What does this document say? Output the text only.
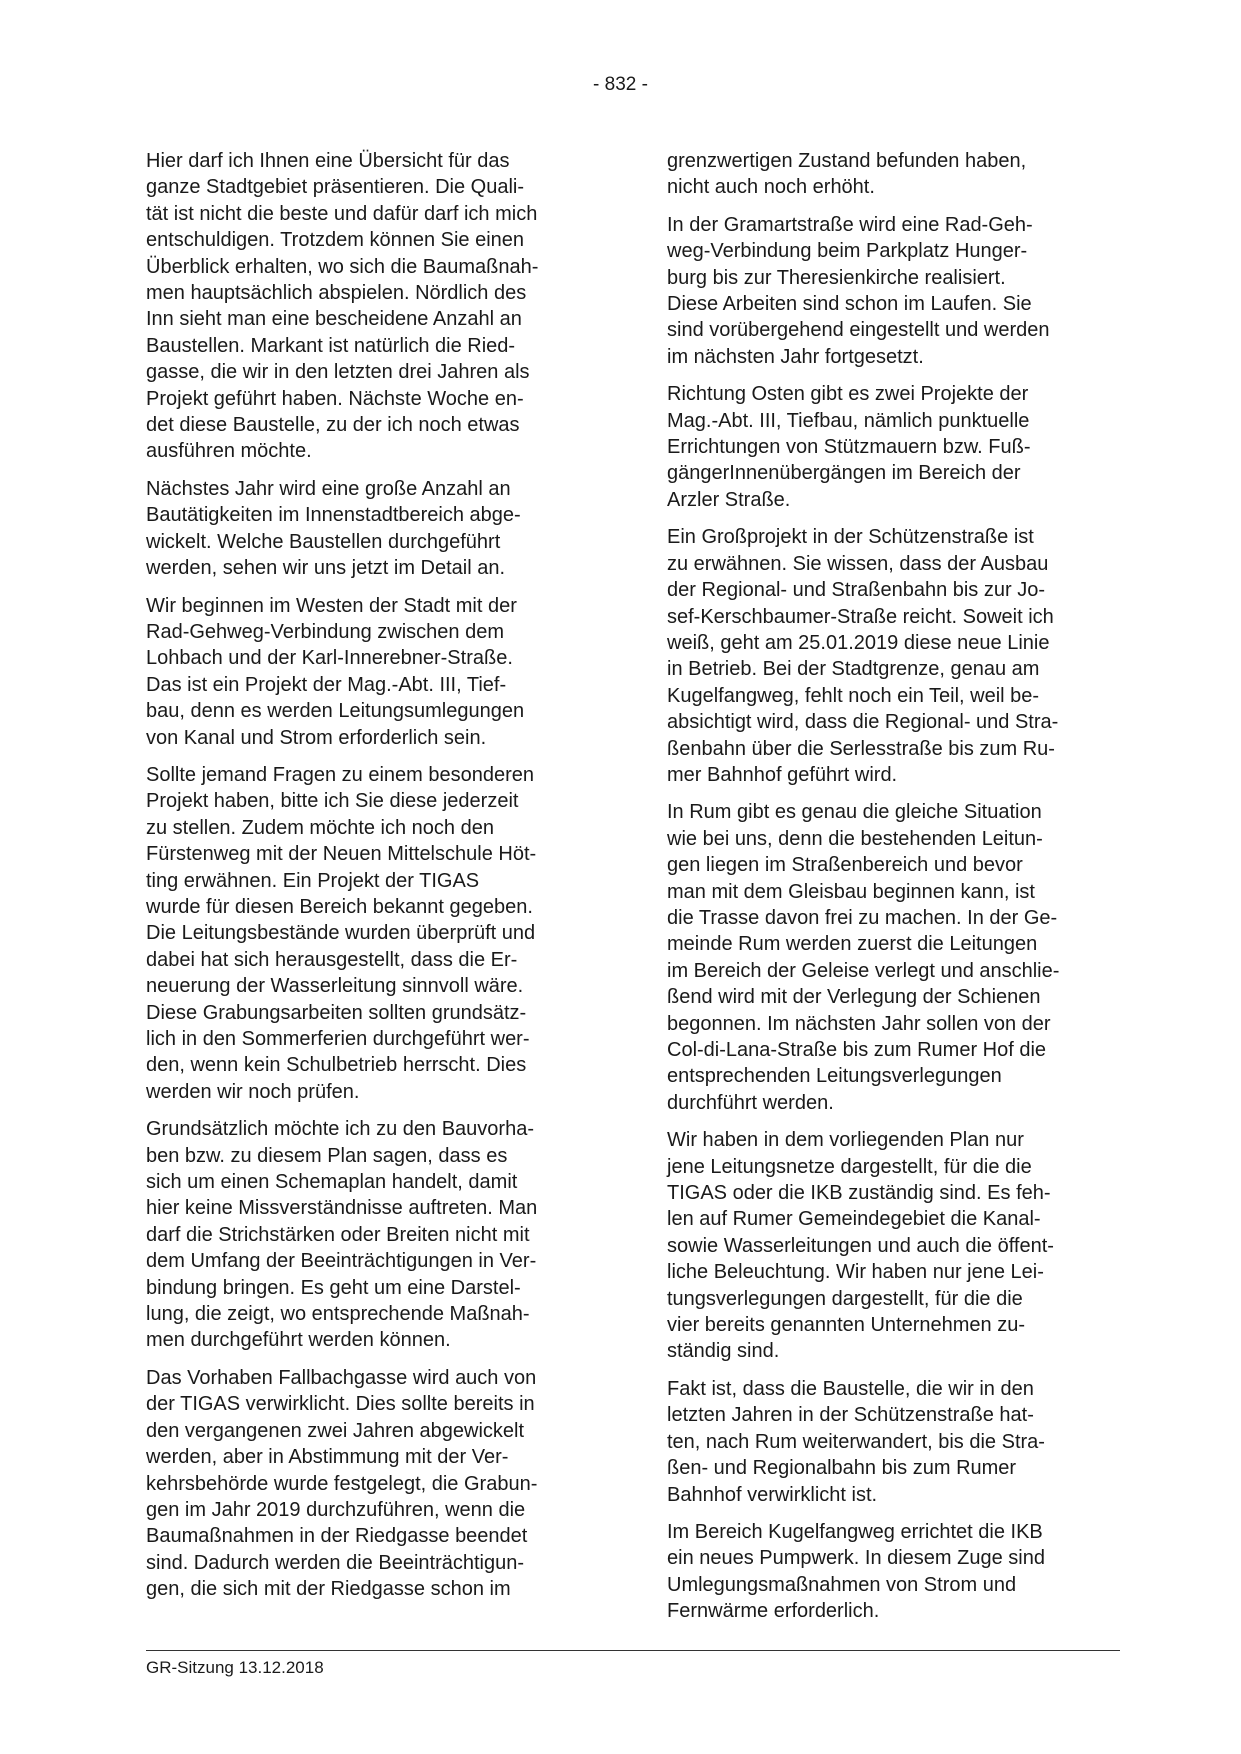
- 832 -

Hier darf ich Ihnen eine Übersicht für das
ganze Stadtgebiet präsentieren. Die Quali-
tät ist nicht die beste und dafür darf ich mich
entschuldigen. Trotzdem können Sie einen
Überblick erhalten, wo sich die Baumaßnah-
men hauptsächlich abspielen. Nördlich des
Inn sieht man eine bescheidene Anzahl an
Baustellen. Markant ist natürlich die Ried-
gasse, die wir in den letzten drei Jahren als
Projekt geführt haben. Nächste Woche en-
det diese Baustelle, zu der ich noch etwas
ausführen möchte.

Nächstes Jahr wird eine große Anzahl an
Bautätigkeiten im Innenstadtbereich abge-
wickelt. Welche Baustellen durchgeführt
werden, sehen wir uns jetzt im Detail an.

Wir beginnen im Westen der Stadt mit der
Rad-Gehweg-Verbindung zwischen dem
Lohbach und der Karl-Innerebner-Straße.
Das ist ein Projekt der Mag.-Abt. III, Tief-
bau, denn es werden Leitungsumlegungen
von Kanal und Strom erforderlich sein.

Sollte jemand Fragen zu einem besonderen
Projekt haben, bitte ich Sie diese jederzeit
zu stellen. Zudem möchte ich noch den
Fürstenweg mit der Neuen Mittelschule Höt-
ting erwähnen. Ein Projekt der TIGAS
wurde für diesen Bereich bekannt gegeben.
Die Leitungsbestände wurden überprüft und
dabei hat sich herausgestellt, dass die Er-
neuerung der Wasserleitung sinnvoll wäre.
Diese Grabungsarbeiten sollten grundsätz-
lich in den Sommerferien durchgeführt wer-
den, wenn kein Schulbetrieb herrscht. Dies
werden wir noch prüfen.

Grundsätzlich möchte ich zu den Bauvorha-
ben bzw. zu diesem Plan sagen, dass es
sich um einen Schemaplan handelt, damit
hier keine Missverständnisse auftreten. Man
darf die Strichstärken oder Breiten nicht mit
dem Umfang der Beeinträchtigungen in Ver-
bindung bringen. Es geht um eine Darstel-
lung, die zeigt, wo entsprechende Maßnah-
men durchgeführt werden können.

Das Vorhaben Fallbachgasse wird auch von
der TIGAS verwirklicht. Dies sollte bereits in
den vergangenen zwei Jahren abgewickelt
werden, aber in Abstimmung mit der Ver-
kehrsbehörde wurde festgelegt, die Grabun-
gen im Jahr 2019 durchzuführen, wenn die
Baumaßnahmen in der Riedgasse beendet
sind. Dadurch werden die Beeinträchtigun-
gen, die sich mit der Riedgasse schon im

grenzwertigen Zustand befunden haben,
nicht auch noch erhöht.

In der Gramartstraße wird eine Rad-Geh-
weg-Verbindung beim Parkplatz Hunger-
burg bis zur Theresienkirche realisiert.
Diese Arbeiten sind schon im Laufen. Sie
sind vorübergehend eingestellt und werden
im nächsten Jahr fortgesetzt.

Richtung Osten gibt es zwei Projekte der
Mag.-Abt. III, Tiefbau, nämlich punktuelle
Errichtungen von Stützmauern bzw. Fuß-
gängerInnenübergängen im Bereich der
Arzler Straße.

Ein Großprojekt in der Schützenstraße ist
zu erwähnen. Sie wissen, dass der Ausbau
der Regional- und Straßenbahn bis zur Jo-
sef-Kerschbaumer-Straße reicht. Soweit ich
weiß, geht am 25.01.2019 diese neue Linie
in Betrieb. Bei der Stadtgrenze, genau am
Kugelfangweg, fehlt noch ein Teil, weil be-
absichtigt wird, dass die Regional- und Stra-
ßenbahn über die Serlesstraße bis zum Ru-
mer Bahnhof geführt wird.

In Rum gibt es genau die gleiche Situation
wie bei uns, denn die bestehenden Leitun-
gen liegen im Straßenbereich und bevor
man mit dem Gleisbau beginnen kann, ist
die Trasse davon frei zu machen. In der Ge-
meinde Rum werden zuerst die Leitungen
im Bereich der Geleise verlegt und anschlie-
ßend wird mit der Verlegung der Schienen
begonnen. Im nächsten Jahr sollen von der
Col-di-Lana-Straße bis zum Rumer Hof die
entsprechenden Leitungsverlegungen
durchführt werden.

Wir haben in dem vorliegenden Plan nur
jene Leitungsnetze dargestellt, für die die
TIGAS oder die IKB zuständig sind. Es feh-
len auf Rumer Gemeindegebiet die Kanal-
sowie Wasserleitungen und auch die öffent-
liche Beleuchtung. Wir haben nur jene Lei-
tungsverlegungen dargestellt, für die die
vier bereits genannten Unternehmen zu-
ständig sind.

Fakt ist, dass die Baustelle, die wir in den
letzten Jahren in der Schützenstraße hat-
ten, nach Rum weiterwandert, bis die Stra-
ßen- und Regionalbahn bis zum Rumer
Bahnhof verwirklicht ist.

Im Bereich Kugelfangweg errichtet die IKB
ein neues Pumpwerk. In diesem Zuge sind
Umlegungsmaßnahmen von Strom und
Fernwärme erforderlich.

GR-Sitzung 13.12.2018
